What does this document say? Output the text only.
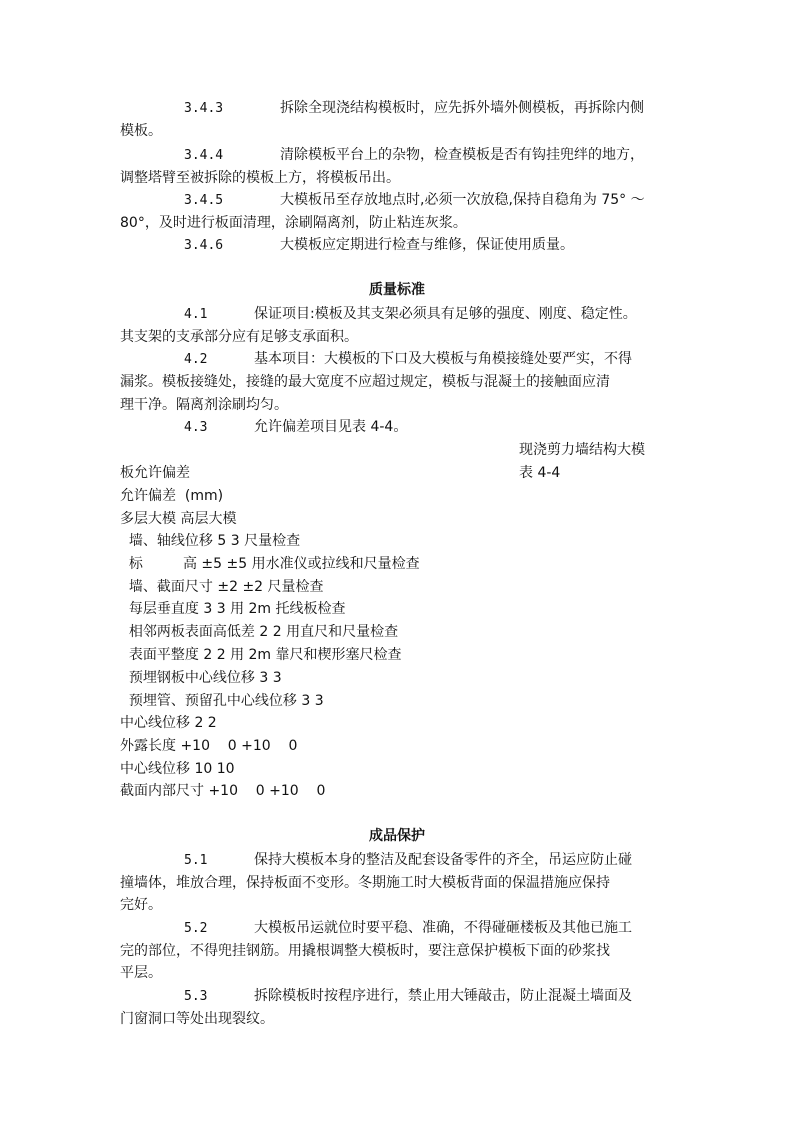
3.4.3	拆除全现浇结构模板时，应先拆外墙外侧模板，再拆除内侧
模板。
3.4.4	清除模板平台上的杂物，检查模板是否有钩挂兜绊的地方，
调整塔臂至被拆除的模板上方，将模板吊出。
3.4.5	大模板吊至存放地点时,必须一次放稳,保持自稳角为 75° ～
80°，及时进行板面清理，涂刷隔离剂，防止粘连灰浆。
3.4.6	大模板应定期进行检查与维修，保证使用质量。
质量标准
4.1	保证项目:模板及其支架必须具有足够的强度、刚度、稳定性。
其支架的支承部分应有足够支承面积。
4.2	基本项目：大模板的下口及大模板与角模接缝处要严实，不得
漏浆。模板接缝处，接缝的最大宽度不应超过规定，模板与混凝土的接触面应清
理干净。隔离剂涂刷均匀。
4.3	允许偏差项目见表 4-4。
现浇剪力墙结构大模
板允许偏差	表 4-4
允许偏差  (mm)
多层大模 高层大模
墙、轴线位移 5 3 尺量检查
标         高 ±5 ±5 用水准仪或拉线和尺量检查
墙、截面尺寸 ±2 ±2 尺量检查
每层垂直度 3 3 用 2m 托线板检查
相邻两板表面高低差 2 2 用直尺和尺量检查
表面平整度 2 2 用 2m 靠尺和楔形塞尺检查
预埋钢板中心线位移 3 3
预埋管、预留孔中心线位移 3 3
中心线位移 2 2
外露长度 +10    0 +10    0
中心线位移 10 10
截面内部尺寸 +10    0 +10    0
成品保护
5.1	保持大模板本身的整洁及配套设备零件的齐全，吊运应防止碰
撞墙体，堆放合理，保持板面不变形。冬期施工时大模板背面的保温措施应保持
完好。
5.2	大模板吊运就位时要平稳、准确，不得碰砸楼板及其他已施工
完的部位，不得兜挂钢筋。用撬根调整大模板时，要注意保护模板下面的砂浆找
平层。
5.3	拆除模板时按程序进行，禁止用大锤敲击，防止混凝土墙面及
门窗洞口等处出现裂纹。
